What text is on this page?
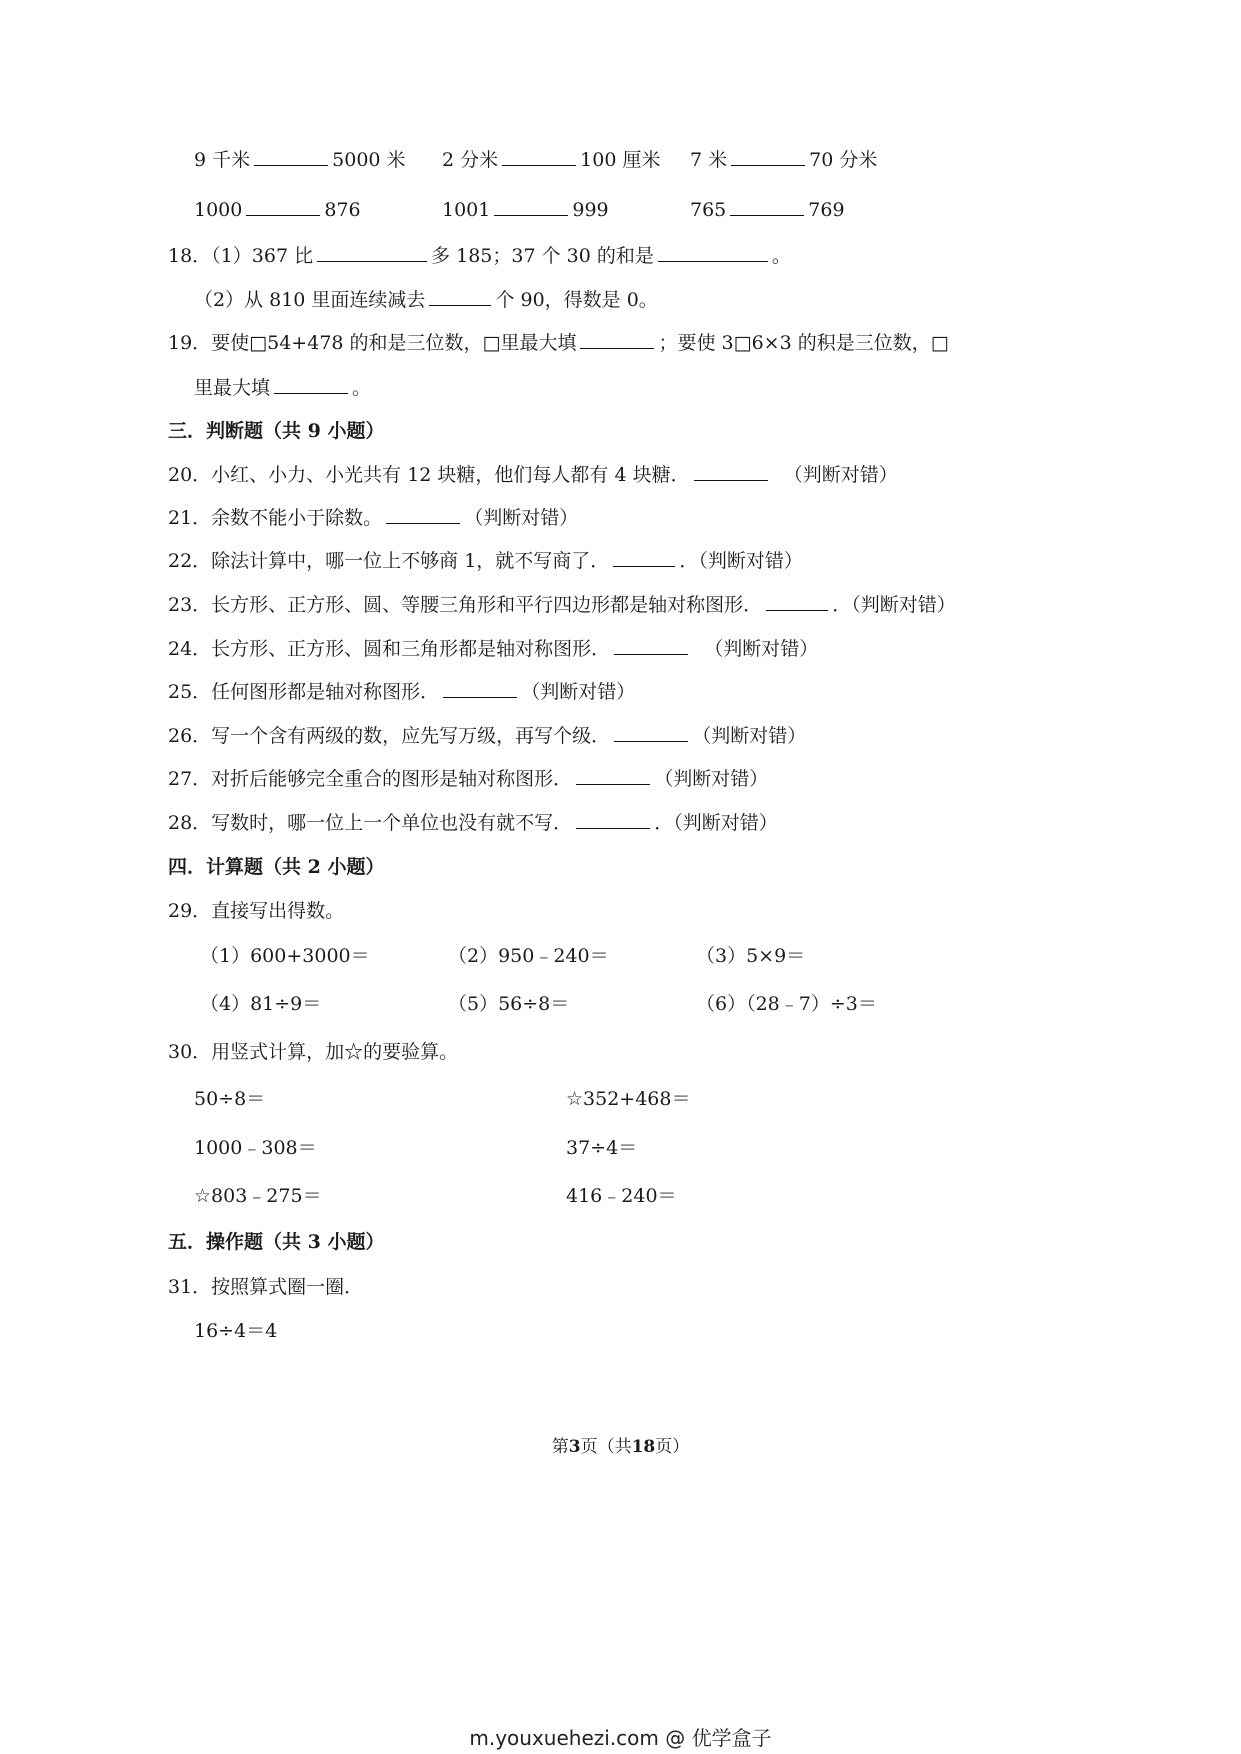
9 千米	5000 米 2 分米	100 厘米 7 米	70 分米
1000	876	1001	999	765	769
18．（1）367 比	多 185；37 个 30 的和是	。
（2）从 810 里面连续减去	个 90，得数是 0。
19．要使□54+478 的和是三位数，□里最大填	；要使 3□6×3 的积是三位数，□
里最大填	。
三．判断题（共 9 小题）
20．小红、小力、小光共有 12 块糖，他们每人都有 4 块糖．	（判断对错）
21．余数不能小于除数。	（判断对错）
22．除法计算中，哪一位上不够商 1，就不写商了．	．（判断对错）
23．长方形、正方形、圆、等腰三角形和平行四边形都是轴对称图形．	．（判断对错）
24．长方形、正方形、圆和三角形都是轴对称图形．	（判断对错）
25．任何图形都是轴对称图形．	（判断对错）
26．写一个含有两级的数，应先写万级，再写个级．	（判断对错）
27．对折后能够完全重合的图形是轴对称图形．	（判断对错）
28．写数时，哪一位上一个单位也没有就不写．	．（判断对错）
四．计算题（共 2 小题）
29．直接写出得数。
（1）600+3000＝	（2）950﹣240＝	（3）5×9＝
（4）81÷9＝	（5）56÷8＝	（6）（28﹣7）÷3＝
30．用竖式计算，加☆的要验算。
50÷8＝	☆352+468＝
1000﹣308＝	37÷4＝
☆803﹣275＝	416﹣240＝
五．操作题（共 3 小题）
31．按照算式圈一圈．
16÷4＝4
第3页（共18页）
m.youxuehezi.com @ 优学盒子
